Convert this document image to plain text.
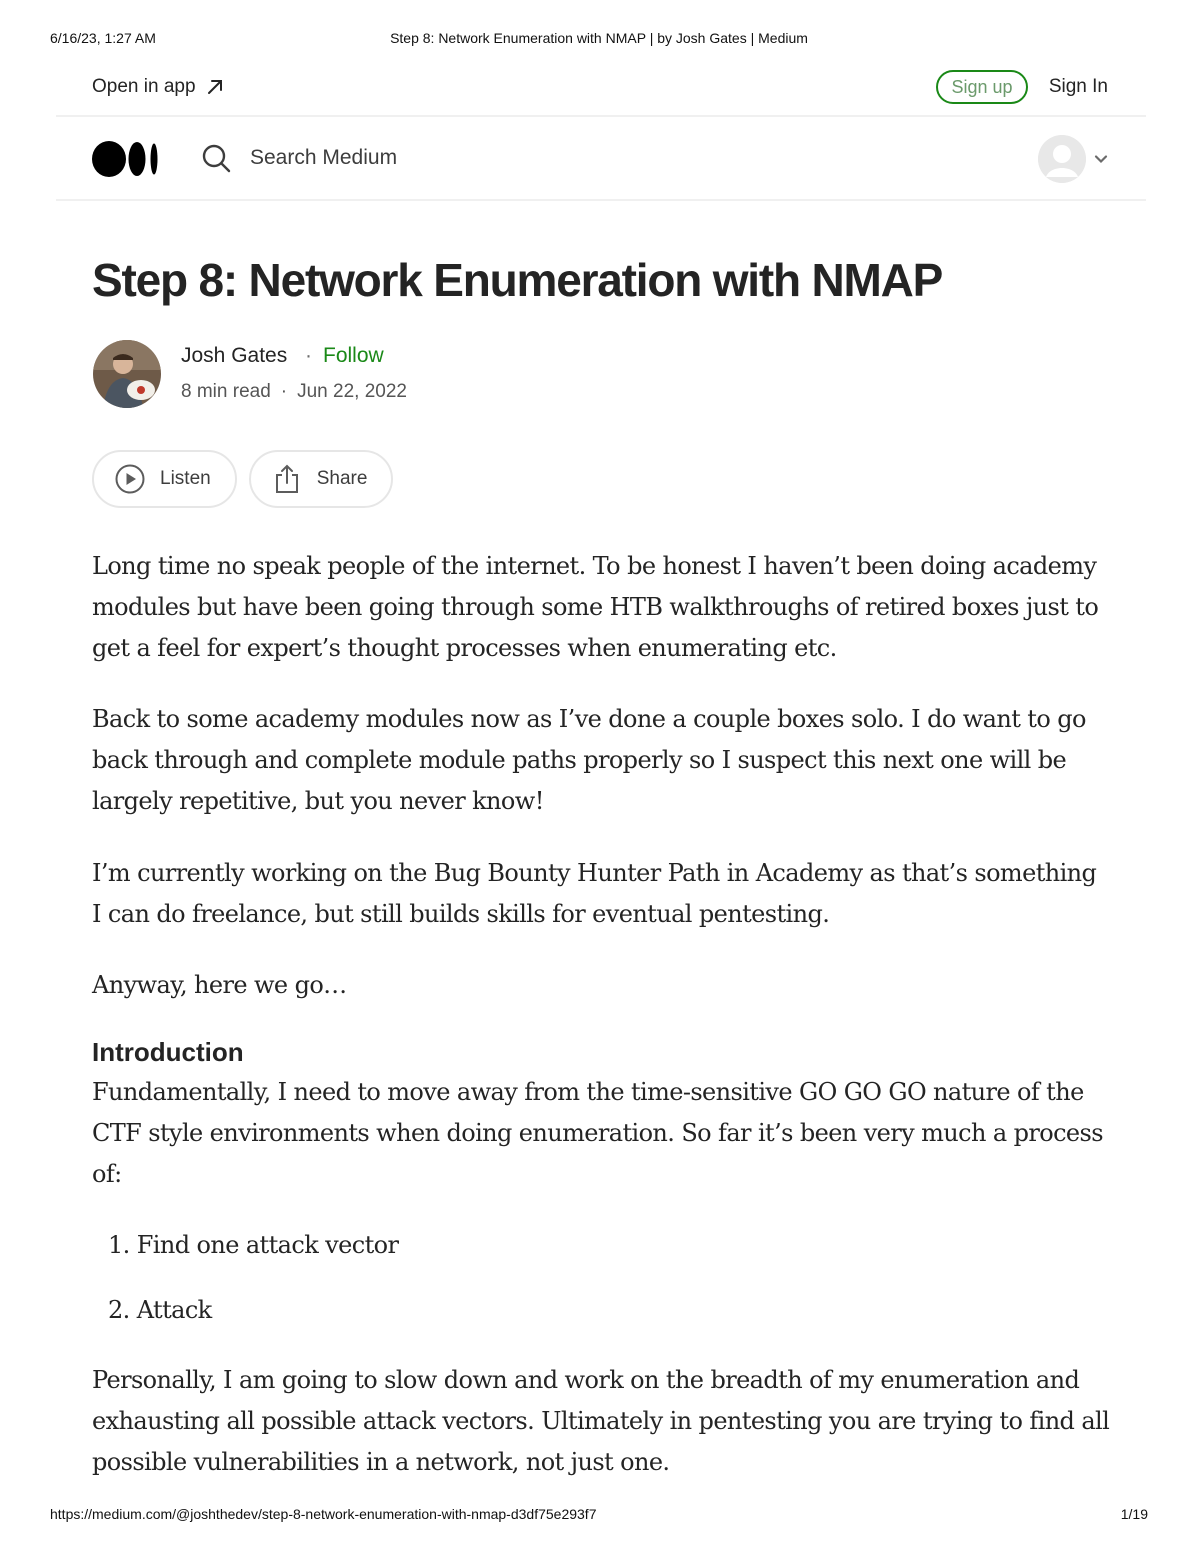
6/16/23, 1:27 AM	Step 8: Network Enumeration with NMAP | by Josh Gates | Medium
Open in app	Sign up	Sign In
Search Medium
Step 8: Network Enumeration with NMAP
Josh Gates · Follow
8 min read · Jun 22, 2022
Listen	Share

Long time no speak people of the internet. To be honest I haven’t been doing academy modules but have been going through some HTB walkthroughs of retired boxes just to get a feel for expert’s thought processes when enumerating etc.

Back to some academy modules now as I’ve done a couple boxes solo. I do want to go back through and complete module paths properly so I suspect this next one will be largely repetitive, but you never know!

I’m currently working on the Bug Bounty Hunter Path in Academy as that’s something I can do freelance, but still builds skills for eventual pentesting.

Anyway, here we go…

Introduction

Fundamentally, I need to move away from the time-sensitive GO GO GO nature of the CTF style environments when doing enumeration. So far it’s been very much a process of:

1. Find one attack vector
2. Attack

Personally, I am going to slow down and work on the breadth of my enumeration and exhausting all possible attack vectors. Ultimately in pentesting you are trying to find all possible vulnerabilities in a network, not just one.

https://medium.com/@joshthedev/step-8-network-enumeration-with-nmap-d3df75e293f7	1/19
